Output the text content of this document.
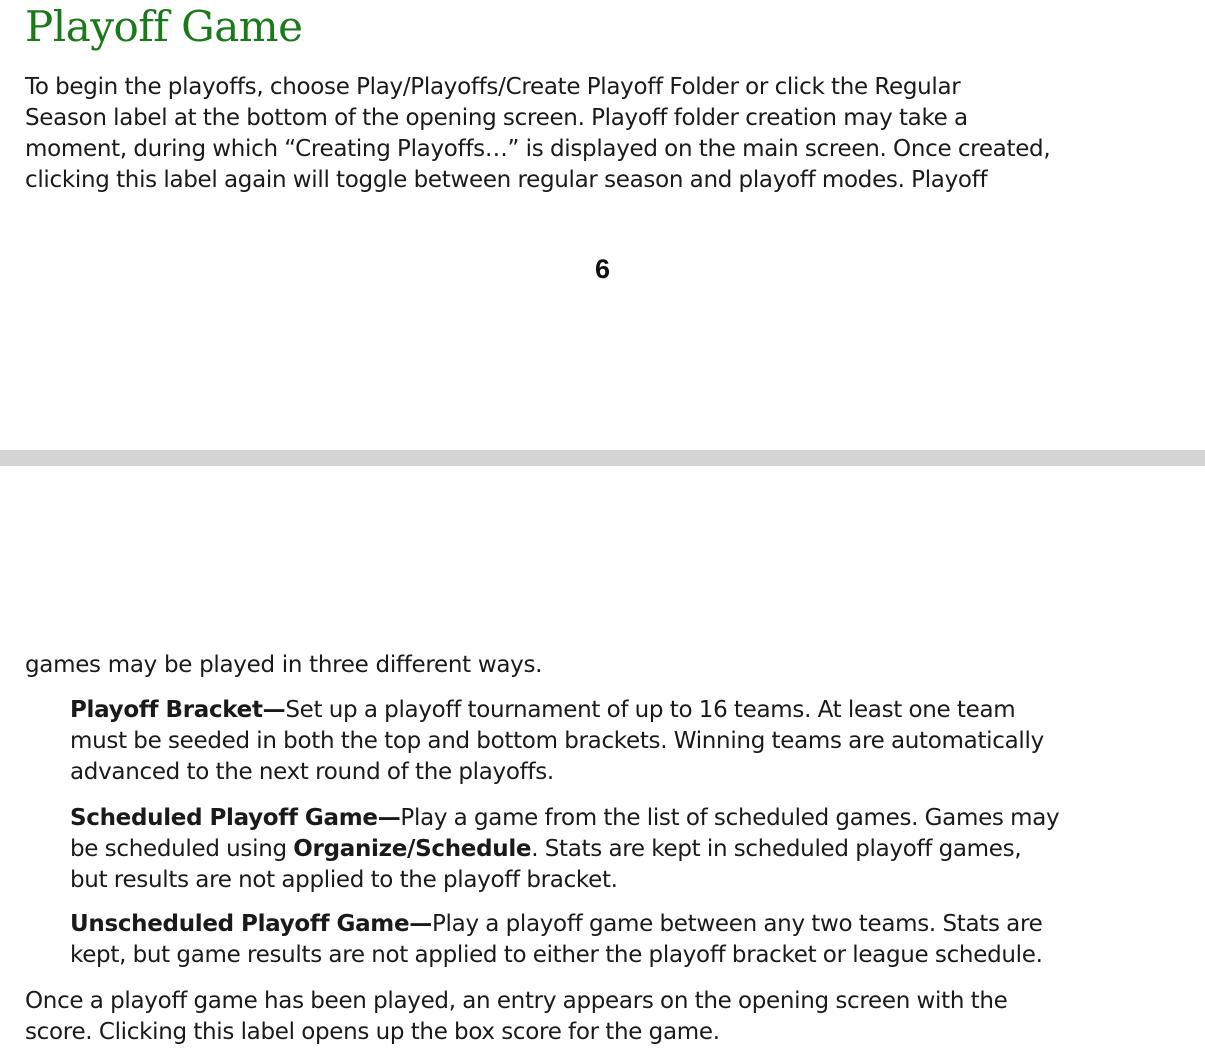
Playoff Game

To begin the playoffs, choose Play/Playoffs/Create Playoff Folder or click the Regular
Season label at the bottom of the opening screen. Playoff folder creation may take a
moment, during which “Creating Playoffs…” is displayed on the main screen. Once created,
clicking this label again will toggle between regular season and playoff modes. Playoff

6

games may be played in three different ways.

Playoff Bracket—Set up a playoff tournament of up to 16 teams. At least one team
must be seeded in both the top and bottom brackets. Winning teams are automatically
advanced to the next round of the playoffs.

Scheduled Playoff Game—Play a game from the list of scheduled games. Games may
be scheduled using Organize/Schedule. Stats are kept in scheduled playoff games,
but results are not applied to the playoff bracket.

Unscheduled Playoff Game—Play a playoff game between any two teams. Stats are
kept, but game results are not applied to either the playoff bracket or league schedule.

Once a playoff game has been played, an entry appears on the opening screen with the
score. Clicking this label opens up the box score for the game.
